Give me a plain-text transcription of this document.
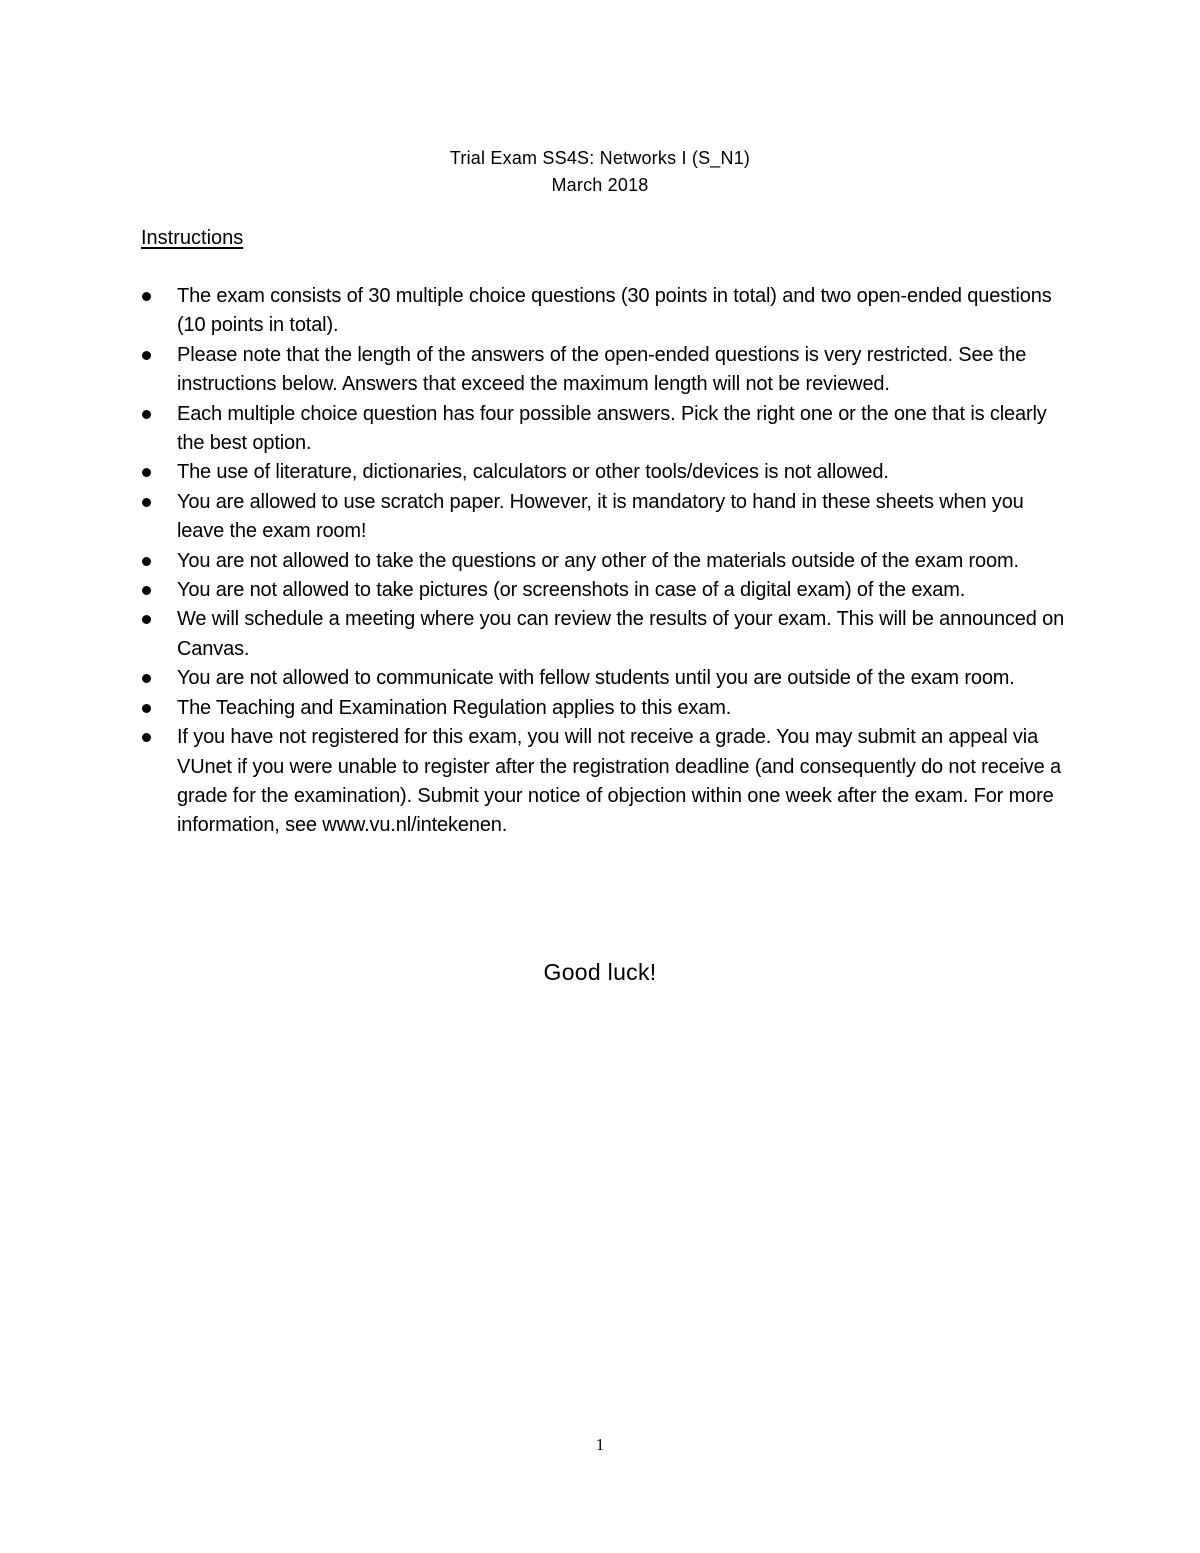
Trial Exam SS4S: Networks I (S_N1)
March 2018
Instructions
The exam consists of 30 multiple choice questions (30 points in total) and two open-ended questions (10 points in total).
Please note that the length of the answers of the open-ended questions is very restricted. See the instructions below. Answers that exceed the maximum length will not be reviewed.
Each multiple choice question has four possible answers. Pick the right one or the one that is clearly the best option.
The use of literature, dictionaries, calculators or other tools/devices is not allowed.
You are allowed to use scratch paper. However, it is mandatory to hand in these sheets when you leave the exam room!
You are not allowed to take the questions or any other of the materials outside of the exam room.
You are not allowed to take pictures (or screenshots in case of a digital exam) of the exam.
We will schedule a meeting where you can review the results of your exam. This will be announced on Canvas.
You are not allowed to communicate with fellow students until you are outside of the exam room.
The Teaching and Examination Regulation applies to this exam.
If you have not registered for this exam, you will not receive a grade. You may submit an appeal via VUnet if you were unable to register after the registration deadline (and consequently do not receive a grade for the examination). Submit your notice of objection within one week after the exam. For more information, see www.vu.nl/intekenen.
Good luck!
1
